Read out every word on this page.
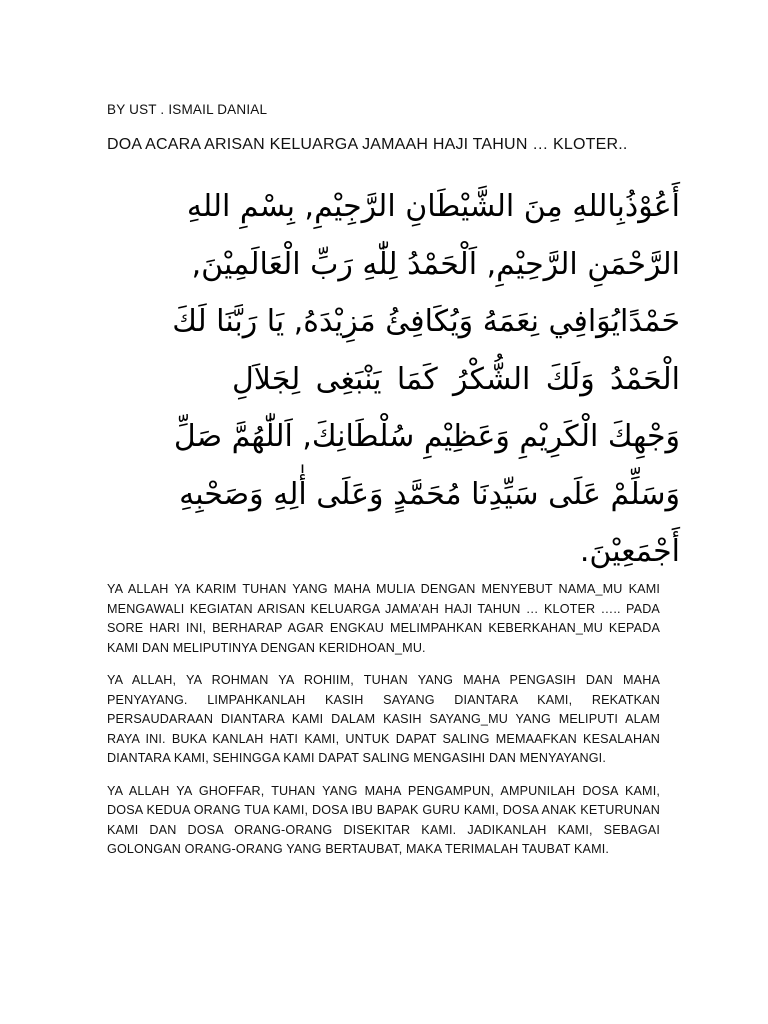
BY UST . ISMAIL DANIAL
DOA ACARA ARISAN KELUARGA JAMAAH HAJI TAHUN … KLOTER..
أَعُوْذُبِاللهِ مِنَ الشَّيْطَانِ الرَّجِيْمِ, بِسْمِ اللهِ
الرَّحْمَنِ الرَّحِيْمِ, اَلْحَمْدُ لِلّٰهِ رَبِّ الْعَالَمِيْنَ,
حَمْدًايُوَافِي نِعَمَهُ وَيُكَافِئُ مَزِيْدَهُ, يَا رَبَّنَا لَكَ
الْحَمْدُ وَلَكَ الشُّكْرُ كَمَا يَنْبَغِى لِجَلاَلِ
وَجْهِكَ الْكَرِيْمِ وَعَظِيْمِ سُلْطَانِكَ, اَللّٰهُمَّ صَلِّ
وَسَلِّمْ عَلَى سَيِّدِنَا مُحَمَّدٍ وَعَلَى أٰلِهِ وَصَحْبِهِ
أَجْمَعِيْنَ.

YA ALLAH YA KARIM TUHAN YANG MAHA MULIA DENGAN MENYEBUT NAMA_MU KAMI MENGAWALI KEGIATAN ARISAN KELUARGA JAMA’AH HAJI TAHUN … KLOTER ….. PADA SORE HARI INI, BERHARAP AGAR ENGKAU MELIMPAHKAN KEBERKAHAN_MU KEPADA KAMI DAN MELIPUTINYA DENGAN KERIDHOAN_MU.

YA ALLAH, YA ROHMAN YA ROHIIM, TUHAN YANG MAHA PENGASIH DAN MAHA PENYAYANG. LIMPAHKANLAH KASIH SAYANG DIANTARA KAMI, REKATKAN PERSAUDARAAN DIANTARA KAMI DALAM KASIH SAYANG_MU YANG MELIPUTI ALAM RAYA INI. BUKA KANLAH HATI KAMI, UNTUK DAPAT SALING MEMAAFKAN KESALAHAN DIANTARA KAMI, SEHINGGA KAMI DAPAT SALING MENGASIHI DAN MENYAYANGI.

YA ALLAH YA GHOFFAR, TUHAN YANG MAHA PENGAMPUN, AMPUNILAH DOSA KAMI, DOSA KEDUA ORANG TUA KAMI, DOSA IBU BAPAK GURU KAMI, DOSA ANAK KETURUNAN KAMI DAN DOSA ORANG-ORANG DISEKITAR KAMI. JADIKANLAH KAMI, SEBAGAI GOLONGAN ORANG-ORANG YANG BERTAUBAT, MAKA TERIMALAH TAUBAT KAMI.
